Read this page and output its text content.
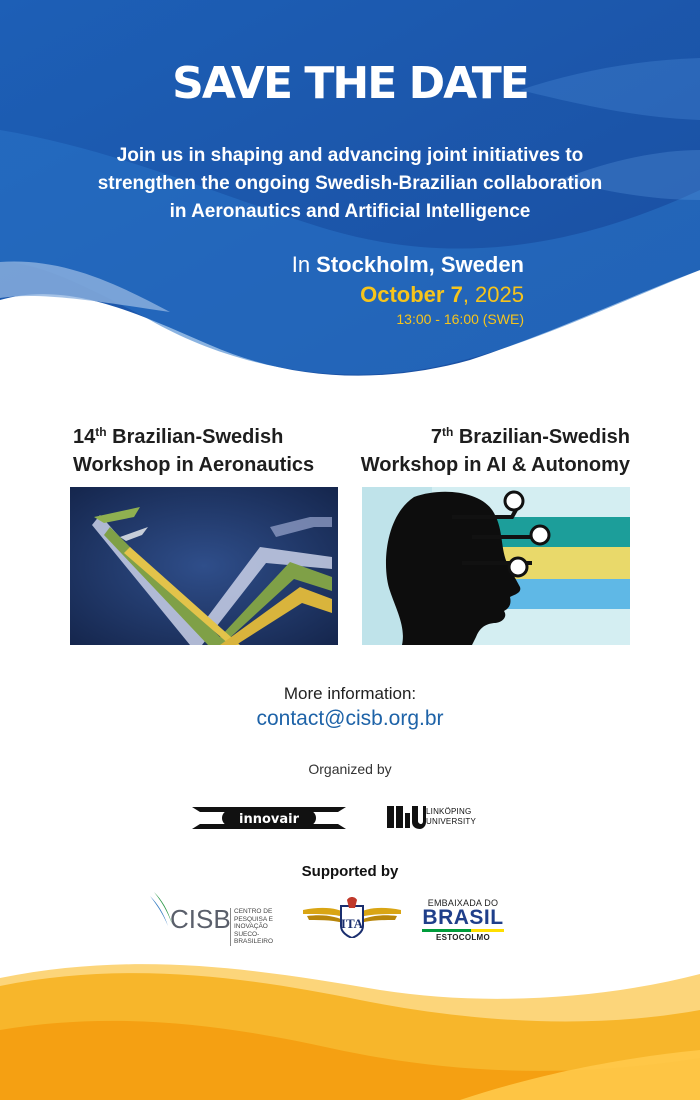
SAVE THE DATE
Join us in shaping and advancing joint initiatives to
strengthen the ongoing Swedish-Brazilian collaboration
in Aeronautics and Artificial Intelligence
In Stockholm, Sweden
October 7, 2025
13:00 - 16:00 (SWE)
14th Brazilian-Swedish
Workshop in Aeronautics
7th Brazilian-Swedish
Workshop in AI & Autonomy
More information:
contact@cisb.org.br
Organized by
innovair
LINKÖPING
UNIVERSITY
Supported by
CISB CENTRO DE
PESQUISA E INOVAÇÃO
SUECO-BRASILEIRO
ITA
EMBAIXADA DO
BRASIL
ESTOCOLMO
